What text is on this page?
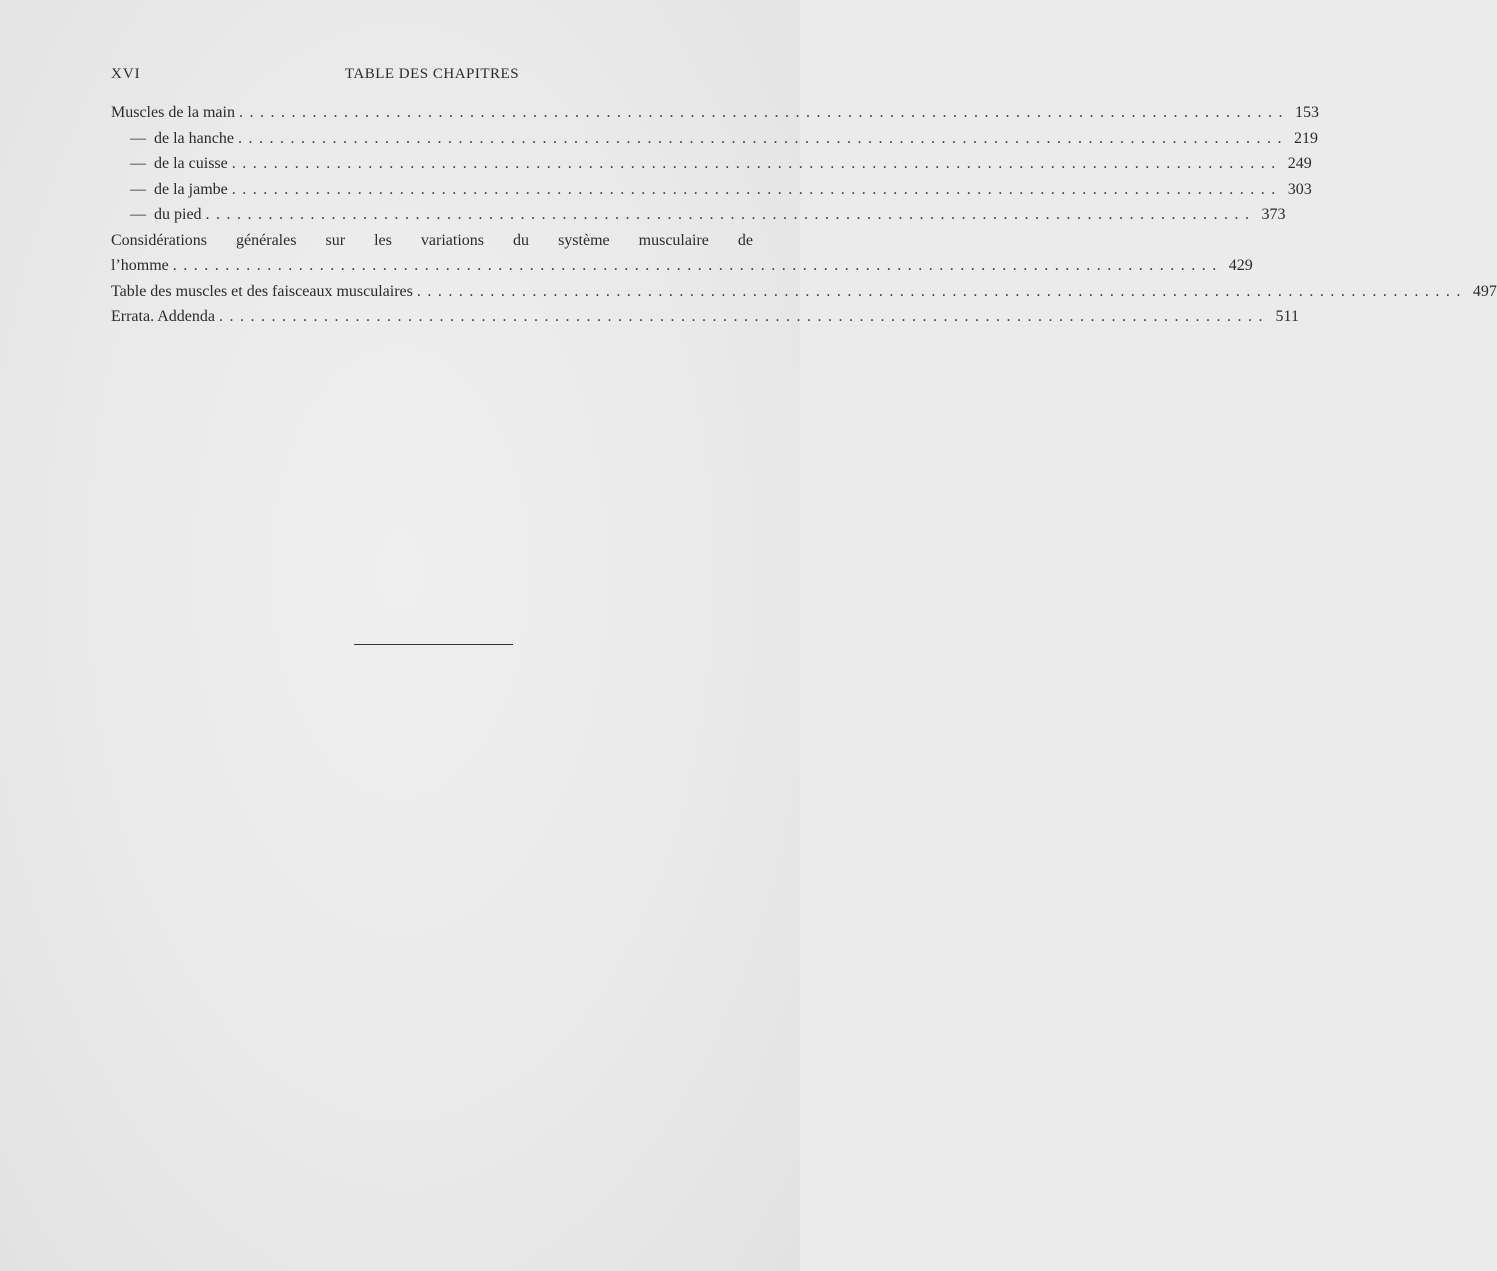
XVI	TABLE DES CHAPITRES
Muscles de la main .................................................................................................... 153
— de la hanche .................................................................................................... 219
— de la cuisse .................................................................................................... 249
— de la jambe .................................................................................................... 303
— du pied .................................................................................................... 373
Considérations générales sur les variations du système musculaire de
l’homme .................................................................................................... 429
Table des muscles et des faisceaux musculaires .................................................................................................... 497
Errata. Addenda .................................................................................................... 511
